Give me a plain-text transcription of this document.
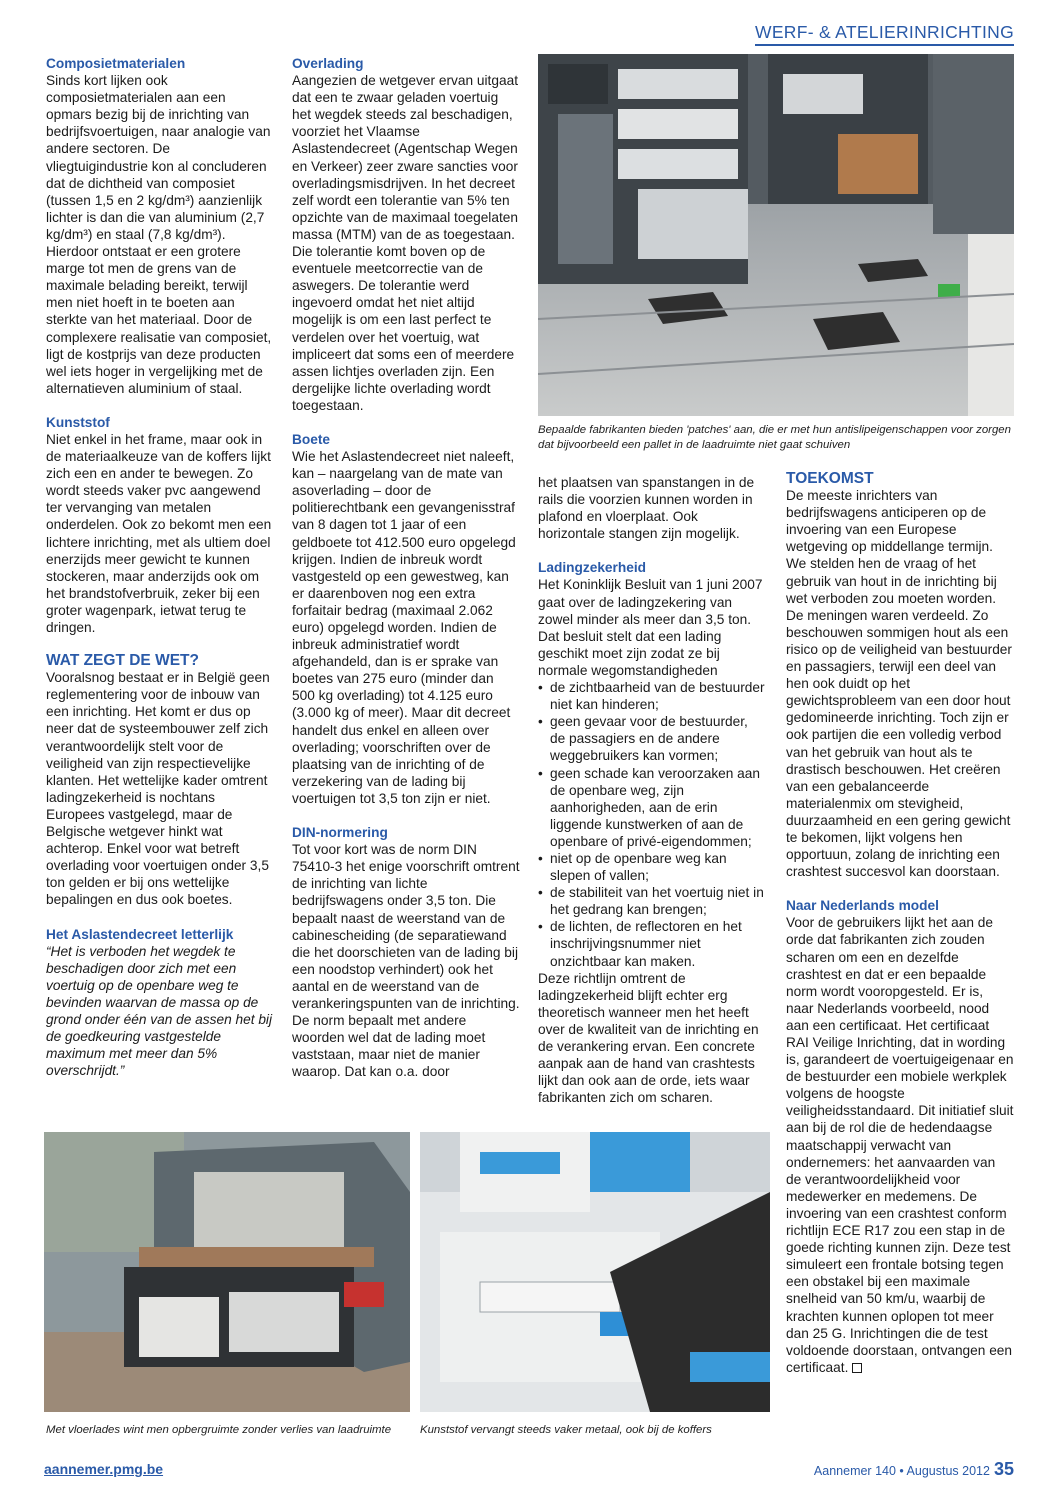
WERF- & ATELIERINRICHTING

Composietmaterialen

Sinds kort lijken ook composietmaterialen aan een opmars bezig bij de inrichting van bedrijfsvoertuigen, naar analogie van andere sectoren. De vliegtuigindustrie kon al concluderen dat de dichtheid van composiet (tussen 1,5 en 2 kg/dm³) aanzienlijk lichter is dan die van aluminium (2,7 kg/dm³) en staal (7,8 kg/dm³). Hierdoor ontstaat er een grotere marge tot men de grens van de maximale belading bereikt, terwijl men niet hoeft in te boeten aan sterkte van het materiaal. Door de complexere realisatie van composiet, ligt de kostprijs van deze producten wel iets hoger in vergelijking met de alternatieven aluminium of staal.

Kunststof

Niet enkel in het frame, maar ook in de materiaalkeuze van de koffers lijkt zich een en ander te bewegen. Zo wordt steeds vaker pvc aangewend ter vervanging van metalen onderdelen. Ook zo bekomt men een lichtere inrichting, met als ultiem doel enerzijds meer gewicht te kunnen stockeren, maar anderzijds ook om het brandstofverbruik, zeker bij een groter wagenpark, ietwat terug te dringen.

WAT ZEGT DE WET?

Vooralsnog bestaat er in België geen reglementering voor de inbouw van een inrichting. Het komt er dus op neer dat de systeembouwer zelf zich verantwoordelijk stelt voor de veiligheid van zijn respectievelijke klanten. Het wettelijke kader omtrent ladingzekerheid is nochtans Europees vastgelegd, maar de Belgische wetgever hinkt wat achterop. Enkel voor wat betreft overlading voor voertuigen onder 3,5 ton gelden er bij ons wettelijke bepalingen en dus ook boetes.

Het Aslastendecreet letterlijk

“Het is verboden het wegdek te beschadigen door zich met een voertuig op de openbare weg te bevinden waarvan de massa op de grond onder één van de assen het bij de goedkeuring vastgestelde maximum met meer dan 5% overschrijdt.”

Overlading

Aangezien de wetgever ervan uitgaat dat een te zwaar geladen voertuig het wegdek steeds zal beschadigen, voorziet het Vlaamse Aslastendecreet (Agentschap Wegen en Verkeer) zeer zware sancties voor overladingsmisdrijven. In het decreet zelf wordt een tolerantie van 5% ten opzichte van de maximaal toegelaten massa (MTM) van de as toegestaan. Die tolerantie komt boven op de eventuele meetcorrectie van de aswegers. De tolerantie werd ingevoerd omdat het niet altijd mogelijk is om een last perfect te verdelen over het voertuig, wat impliceert dat soms een of meerdere assen lichtjes overladen zijn. Een dergelijke lichte overlading wordt toegestaan.

Boete

Wie het Aslastendecreet niet naleeft, kan – naargelang van de mate van asoverlading – door de politierechtbank een gevangenisstraf van 8 dagen tot 1 jaar of een geldboete tot 412.500 euro opgelegd krijgen. Indien de inbreuk wordt vastgesteld op een gewestweg, kan er daarenboven nog een extra forfaitair bedrag (maximaal 2.062 euro) opgelegd worden. Indien de inbreuk administratief wordt afgehandeld, dan is er sprake van boetes van 275 euro (minder dan 500 kg overlading) tot 4.125 euro (3.000 kg of meer). Maar dit decreet handelt dus enkel en alleen over overlading; voorschriften over de plaatsing van de inrichting of de verzekering van de lading bij voertuigen tot 3,5 ton zijn er niet.

DIN-normering

Tot voor kort was de norm DIN 75410-3 het enige voorschrift omtrent de inrichting van lichte bedrijfswagens onder 3,5 ton. Die bepaalt naast de weerstand van de cabinescheiding (de separatiewand die het doorschieten van de lading bij een noodstop verhindert) ook het aantal en de weerstand van de verankeringspunten van de inrichting. De norm bepaalt met andere woorden wel dat de lading moet vaststaan, maar niet de manier waarop. Dat kan o.a. door

Bepaalde fabrikanten bieden 'patches' aan, die er met hun antislipeigenschappen voor zorgen dat bijvoorbeeld een pallet in de laadruimte niet gaat schuiven

het plaatsen van spanstangen in de rails die voorzien kunnen worden in plafond en vloerplaat. Ook horizontale stangen zijn mogelijk.

Ladingzekerheid

Het Koninklijk Besluit van 1 juni 2007 gaat over de ladingzekering van zowel minder als meer dan 3,5 ton. Dat besluit stelt dat een lading geschikt moet zijn zodat ze bij normale wegomstandigheden

• de zichtbaarheid van de bestuurder niet kan hinderen;
• geen gevaar voor de bestuurder, de passagiers en de andere weggebruikers kan vormen;
• geen schade kan veroorzaken aan de openbare weg, zijn aanhorigheden, aan de erin liggende kunstwerken of aan de openbare of privé-eigendommen;
• niet op de openbare weg kan slepen of vallen;
• de stabiliteit van het voertuig niet in het gedrang kan brengen;
• de lichten, de reflectoren en het inschrijvingsnummer niet onzichtbaar kan maken.

Deze richtlijn omtrent de ladingzekerheid blijft echter erg theoretisch wanneer men het heeft over de kwaliteit van de inrichting en de verankering ervan. Een concrete aanpak aan de hand van crashtests lijkt dan ook aan de orde, iets waar fabrikanten zich om scharen.

TOEKOMST

De meeste inrichters van bedrijfswagens anticiperen op de invoering van een Europese wetgeving op middellange termijn. We stelden hen de vraag of het gebruik van hout in de inrichting bij wet verboden zou moeten worden. De meningen waren verdeeld. Zo beschouwen sommigen hout als een risico op de veiligheid van bestuurder en passagiers, terwijl een deel van hen ook duidt op het gewichtsprobleem van een door hout gedomineerde inrichting. Toch zijn er ook partijen die een volledig verbod van het gebruik van hout als te drastisch beschouwen. Het creëren van een gebalanceerde materialenmix om stevigheid, duurzaamheid en een gering gewicht te bekomen, lijkt volgens hen opportuun, zolang de inrichting een crashtest succesvol kan doorstaan.

Naar Nederlands model

Voor de gebruikers lijkt het aan de orde dat fabrikanten zich zouden scharen om een en dezelfde crashtest en dat er een bepaalde norm wordt vooropgesteld. Er is, naar Nederlands voorbeeld, nood aan een certificaat. Het certificaat RAI Veilige Inrichting, dat in wording is, garandeert de voertuigeigenaar en de bestuurder een mobiele werkplek volgens de hoogste veiligheidsstandaard. Dit initiatief sluit aan bij de rol die de hedendaagse maatschappij verwacht van ondernemers: het aanvaarden van de verantwoordelijkheid voor medewerker en medemens. De invoering van een crashtest conform richtlijn ECE R17 zou een stap in de goede richting kunnen zijn. Deze test simuleert een frontale botsing tegen een obstakel bij een maximale snelheid van 50 km/u, waarbij de krachten kunnen oplopen tot meer dan 25 G. Inrichtingen die de test voldoende doorstaan, ontvangen een certificaat.

Met vloerlades wint men opbergruimte zonder verlies van laadruimte	Kunststof vervangt steeds vaker metaal, ook bij de koffers
aannemer.pmg.be	Aannemer 140 • Augustus 2012 35
